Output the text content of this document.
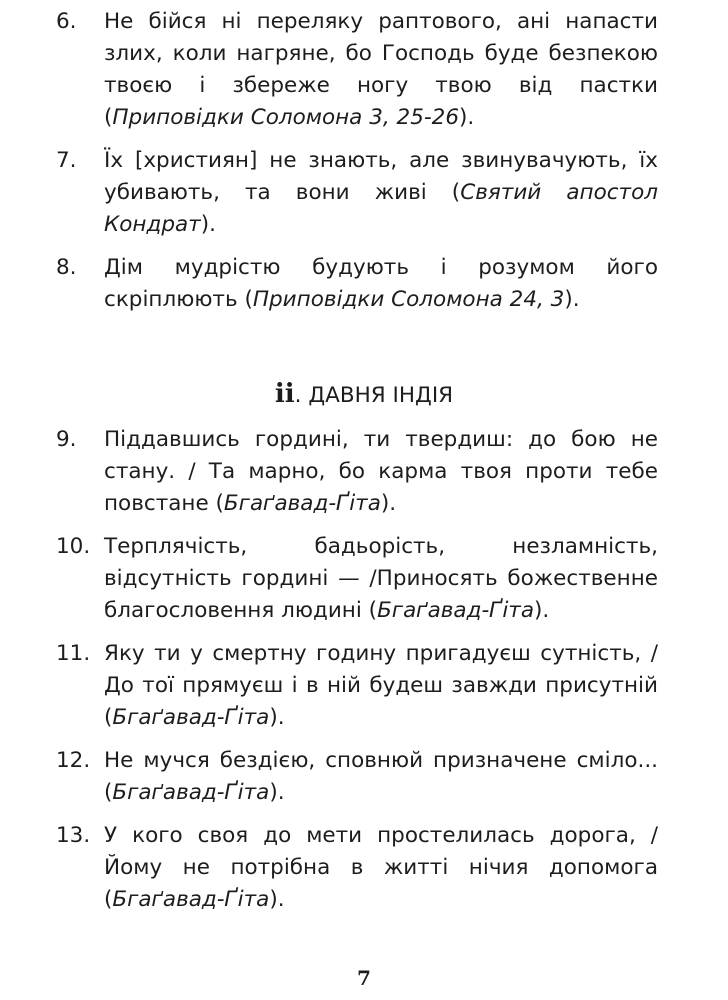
6.	Не бійся ні переляку раптового, ані напасти злих, коли нагряне, бо Господь буде безпекою твоєю і збереже ногу твою від пастки (Приповідки Соломона 3, 25-26).
7.	Їх [християн] не знають, але звинувачують, їх убивають, та вони живі (Святий апостол Кондрат).
8.	Дім мудрістю будують і розумом його скріплюють (Приповідки Соломона 24, 3).
ii. ДАВНЯ ІНДІЯ
9.	Піддавшись гордині, ти твердиш: до бою не стану. / Та марно, бо карма твоя проти тебе повстане (Бгаґавад-Ґіта).
10. Терплячість, бадьорість, незламність, відсутність гордині — /Приносять божественне благословення людині (Бгаґавад-Ґіта).
11. Яку ти у смертну годину пригадуєш сутність, / До тої прямуєш і в ній будеш завжди присутній (Бгаґавад-Ґіта).
12. Не мучся бездією, сповнюй призначене сміло... (Бгаґавад-Ґіта).
13. У кого своя до мети простелилась дорога, / Йому не потрібна в житті нічия допомога (Бгаґавад-Ґіта).
7
